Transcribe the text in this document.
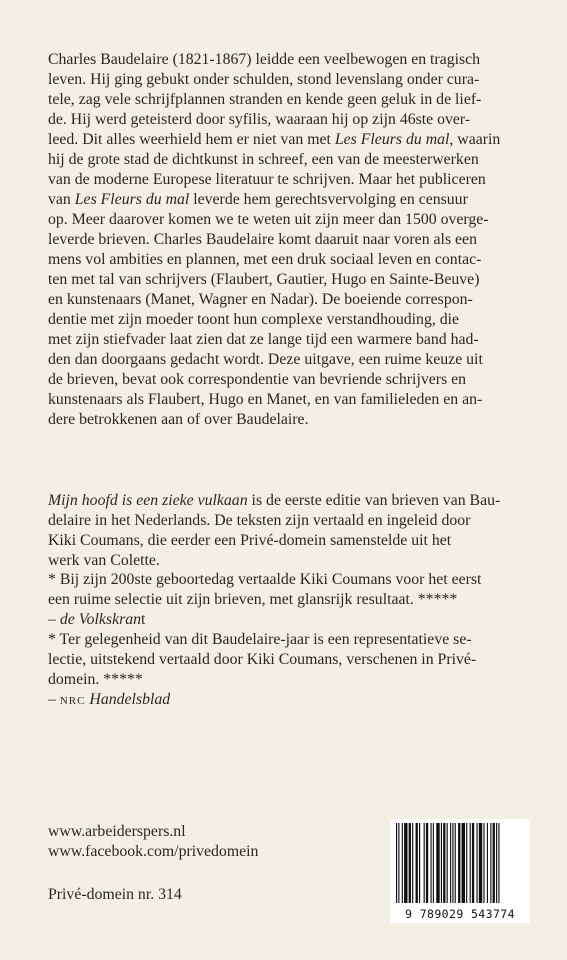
Charles Baudelaire (1821-1867) leidde een veelbewogen en tragisch
leven. Hij ging gebukt onder schulden, stond levenslang onder cura-
tele, zag vele schrijfplannen stranden en kende geen geluk in de lief-
de. Hij werd geteisterd door syfilis, waaraan hij op zijn 46ste over-
leed. Dit alles weerhield hem er niet van met Les Fleurs du mal, waarin
hij de grote stad de dichtkunst in schreef, een van de meesterwerken
van de moderne Europese literatuur te schrijven. Maar het publiceren
van Les Fleurs du mal leverde hem gerechtsvervolging en censuur
op. Meer daarover komen we te weten uit zijn meer dan 1500 overge-
leverde brieven. Charles Baudelaire komt daaruit naar voren als een
mens vol ambities en plannen, met een druk sociaal leven en contac-
ten met tal van schrijvers (Flaubert, Gautier, Hugo en Sainte-Beuve)
en kunstenaars (Manet, Wagner en Nadar). De boeiende correspon-
dentie met zijn moeder toont hun complexe verstandhouding, die
met zijn stiefvader laat zien dat ze lange tijd een warmere band had-
den dan doorgaans gedacht wordt. Deze uitgave, een ruime keuze uit
de brieven, bevat ook correspondentie van bevriende schrijvers en
kunstenaars als Flaubert, Hugo en Manet, en van familieleden en an-
dere betrokkenen aan of over Baudelaire.
Mijn hoofd is een zieke vulkaan is de eerste editie van brieven van Bau-
delaire in het Nederlands. De teksten zijn vertaald en ingeleid door
Kiki Coumans, die eerder een Privé-domein samenstelde uit het
werk van Colette.
* Bij zijn 200ste geboortedag vertaalde Kiki Coumans voor het eerst
een ruime selectie uit zijn brieven, met glansrijk resultaat. *****
– de Volkskrant
* Ter gelegenheid van dit Baudelaire-jaar is een representatieve se-
lectie, uitstekend vertaald door Kiki Coumans, verschenen in Privé-
domein. *****
– NRC Handelsblad
www.arbeiderspers.nl
www.facebook.com/privedomein
Privé-domein nr. 314
9 789029 543774
